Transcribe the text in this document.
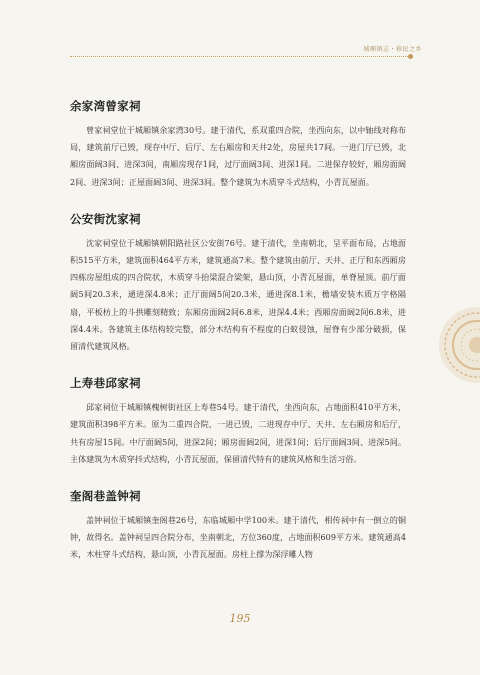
城厢镇志・移民之乡
余家湾曾家祠

曾家祠堂位于城厢镇余家湾30号。建于清代，系双重四合院，坐西向东，以中轴线对称布局，建筑前厅已毁，现存中厅、后厅、左右厢房和天井2处，房屋共17间。一进门厅已毁，北厢房面阔3间、进深3间，南厢房现存1间，过厅面阔3间、进深1间。二进保存较好，厢房面阔2间、进深3间；正屋面阔3间、进深3间。整个建筑为木质穿斗式结构，小青瓦屋面。

公安街沈家祠

沈家祠堂位于城厢镇朝阳路社区公安街76号。建于清代，坐南朝北，呈平面布局，占地面积515平方米，建筑面积464平方米，建筑通高7米。整个建筑由前厅、天井、正厅和东西厢房四栋房屋组成的四合院状，木质穿斗抬梁混合梁架，悬山顶，小青瓦屋面，单脊屋顶。前厅面阔5间20.3米，通进深4.8米；正厅面阔5间20.3米，通进深8.1米，檐墙安装木质万字格隔扇，平板枋上的斗拱雕刻精致；东厢房面阔2间6.8米，进深4.4米；西厢房面阔2间6.8米，进深4.4米。各建筑主体结构较完整，部分木结构有不程度的白蚁侵蚀，屋脊有少部分破损，保留清代建筑风格。

上寿巷邱家祠

邱家祠位于城厢镇槐树街社区上寿巷54号。建于清代，坐西向东，占地面积410平方米，建筑面积398平方米。原为二重四合院，一进已毁，二进现存中厅、天井、左右厢房和后厅，共有房屋15间。中厅面阔5间，进深2间；厢房面阔2间，进深1间；后厅面阔3间、进深5间。主体建筑为木质穿抖式结构，小青瓦屋面，保留清代特有的建筑风格和生活习俗。

奎阁巷盖钟祠

盖钟祠位于城厢镇奎阁巷26号，东临城厢中学100米。建于清代，相传祠中有一倒立的铜钟，故得名。盖钟祠呈四合院分布，坐南朝北，方位360度，占地面积609平方米。建筑通高4米，木柱穿斗式结构，悬山顶，小青瓦屋面。房柱上撑为深浮雕人物

195
